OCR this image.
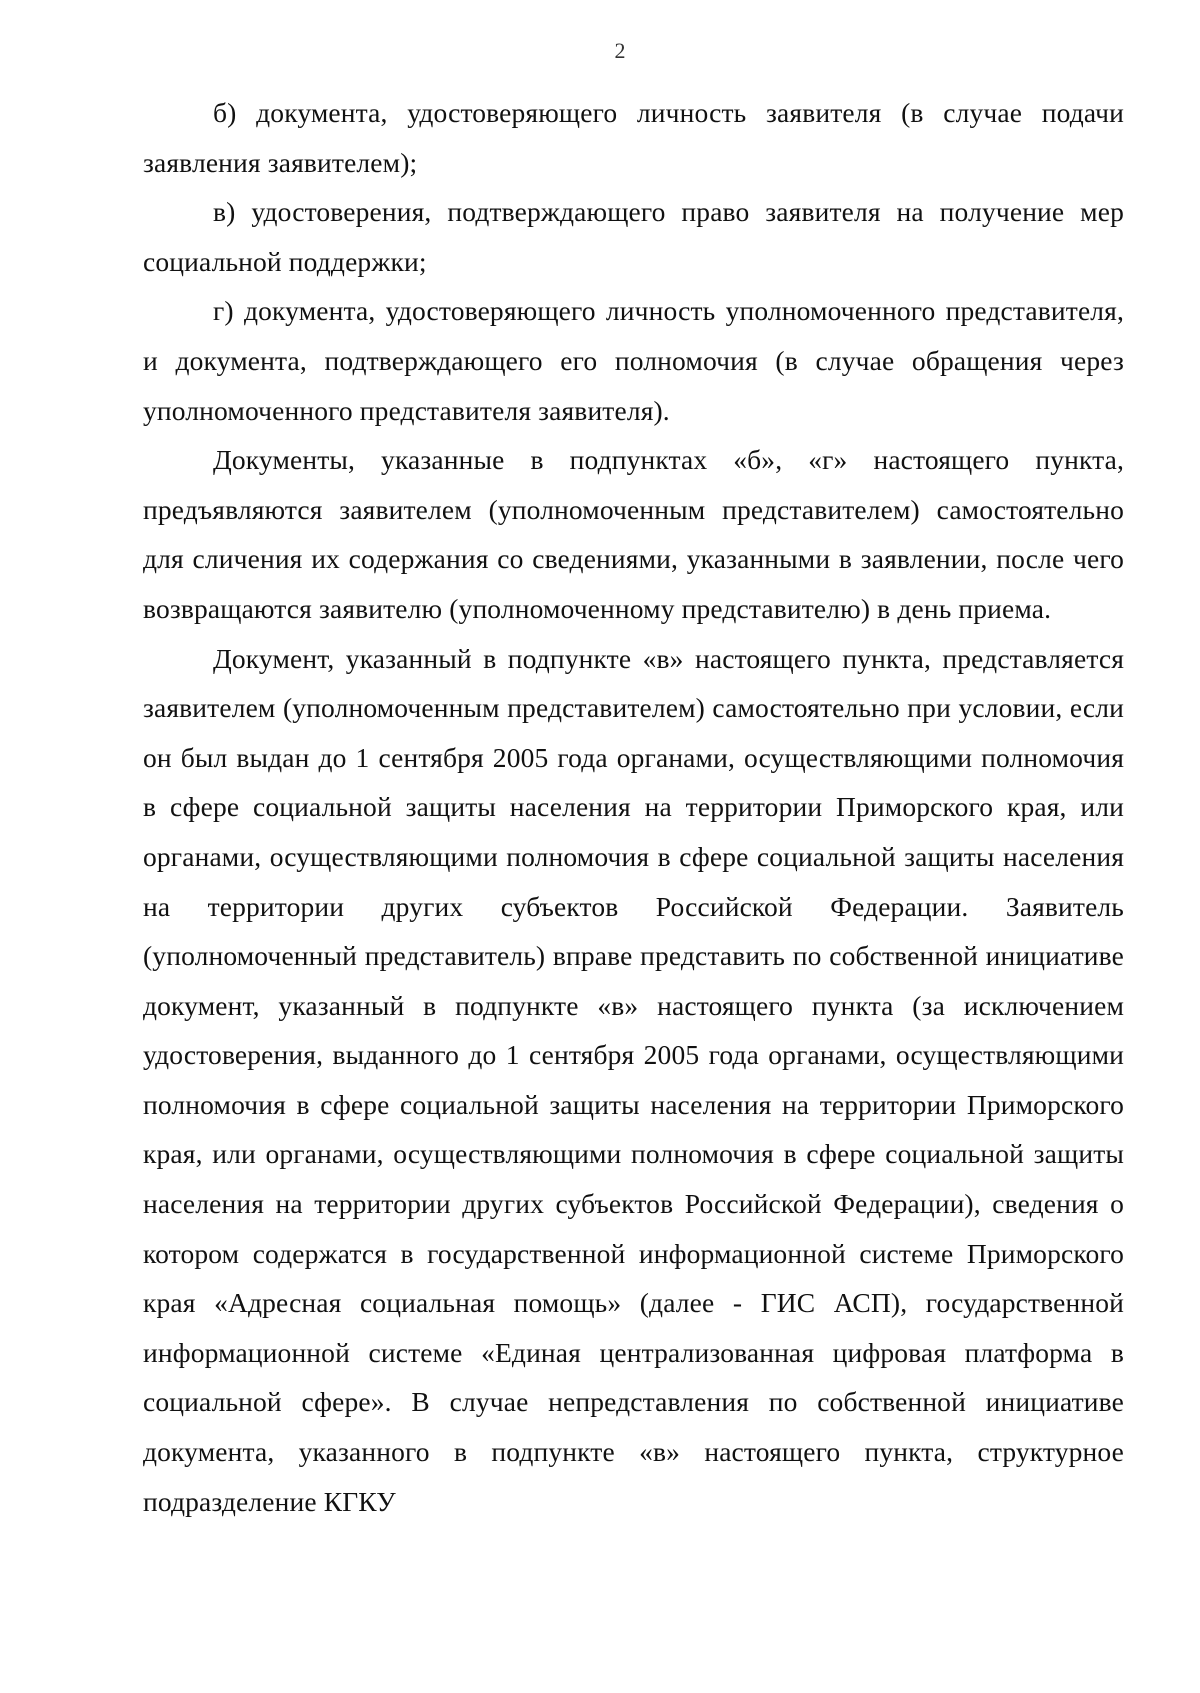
2

б) документа, удостоверяющего личность заявителя (в случае подачи заявления заявителем);

в) удостоверения, подтверждающего право заявителя на получение мер социальной поддержки;

г) документа, удостоверяющего личность уполномоченного представителя, и документа, подтверждающего его полномочия (в случае обращения через уполномоченного представителя заявителя).

Документы, указанные в подпунктах «б», «г» настоящего пункта, предъявляются заявителем (уполномоченным представителем) самостоятельно для сличения их содержания со сведениями, указанными в заявлении, после чего возвращаются заявителю (уполномоченному представителю) в день приема.

Документ, указанный в подпункте «в» настоящего пункта, представляется заявителем (уполномоченным представителем) самостоятельно при условии, если он был выдан до 1 сентября 2005 года органами, осуществляющими полномочия в сфере социальной защиты населения на территории Приморского края, или органами, осуществляющими полномочия в сфере социальной защиты населения на территории других субъектов Российской Федерации. Заявитель (уполномоченный представитель) вправе представить по собственной инициативе документ, указанный в подпункте «в» настоящего пункта (за исключением удостоверения, выданного до 1 сентября 2005 года органами, осуществляющими полномочия в сфере социальной защиты населения на территории Приморского края, или органами, осуществляющими полномочия в сфере социальной защиты населения на территории других субъектов Российской Федерации), сведения о котором содержатся в государственной информационной системе Приморского края «Адресная социальная помощь» (далее - ГИС АСП), государственной информационной системе «Единая централизованная цифровая платформа в социальной сфере». В случае непредставления по собственной инициативе документа, указанного в подпункте «в» настоящего пункта, структурное подразделение КГКУ
